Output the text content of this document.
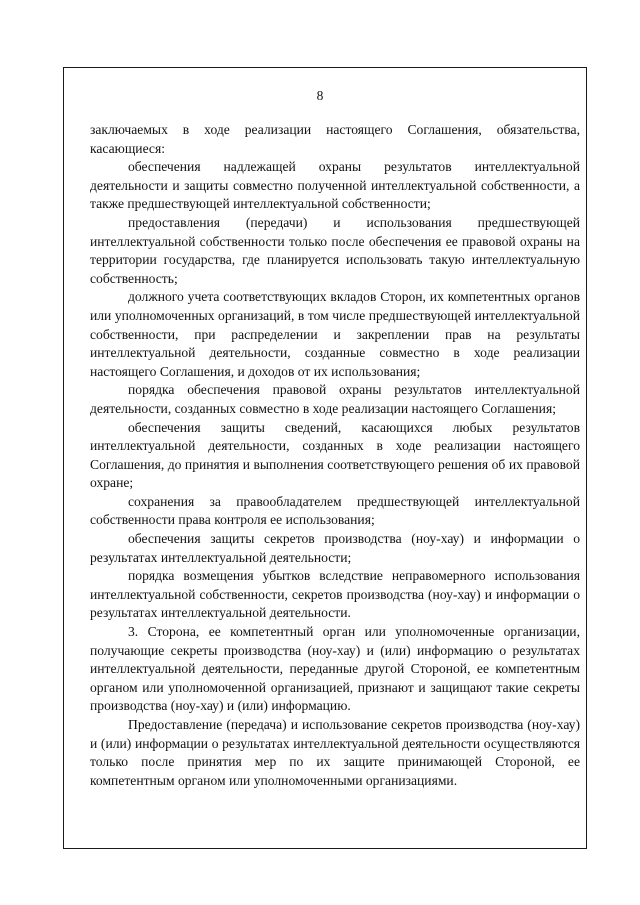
8

заключаемых в ходе реализации настоящего Соглашения, обязательства, касающиеся:

обеспечения надлежащей охраны результатов интеллектуальной деятельности и защиты совместно полученной интеллектуальной собственности, а также предшествующей интеллектуальной собственности;

предоставления (передачи) и использования предшествующей интеллектуальной собственности только после обеспечения ее правовой охраны на территории государства, где планируется использовать такую интеллектуальную собственность;

должного учета соответствующих вкладов Сторон, их компетентных органов или уполномоченных организаций, в том числе предшествующей интеллектуальной собственности, при распределении и закреплении прав на результаты интеллектуальной деятельности, созданные совместно в ходе реализации настоящего Соглашения, и доходов от их использования;

порядка обеспечения правовой охраны результатов интеллектуальной деятельности, созданных совместно в ходе реализации настоящего Соглашения;

обеспечения защиты сведений, касающихся любых результатов интеллектуальной деятельности, созданных в ходе реализации настоящего Соглашения, до принятия и выполнения соответствующего решения об их правовой охране;

сохранения за правообладателем предшествующей интеллектуальной собственности права контроля ее использования;

обеспечения защиты секретов производства (ноу-хау) и информации о результатах интеллектуальной деятельности;

порядка возмещения убытков вследствие неправомерного использования интеллектуальной собственности, секретов производства (ноу-хау) и информации о результатах интеллектуальной деятельности.

3. Сторона, ее компетентный орган или уполномоченные организации, получающие секреты производства (ноу-хау) и (или) информацию о результатах интеллектуальной деятельности, переданные другой Стороной, ее компетентным органом или уполномоченной организацией, признают и защищают такие секреты производства (ноу-хау) и (или) информацию.

Предоставление (передача) и использование секретов производства (ноу-хау) и (или) информации о результатах интеллектуальной деятельности осуществляются только после принятия мер по их защите принимающей Стороной, ее компетентным органом или уполномоченными организациями.
